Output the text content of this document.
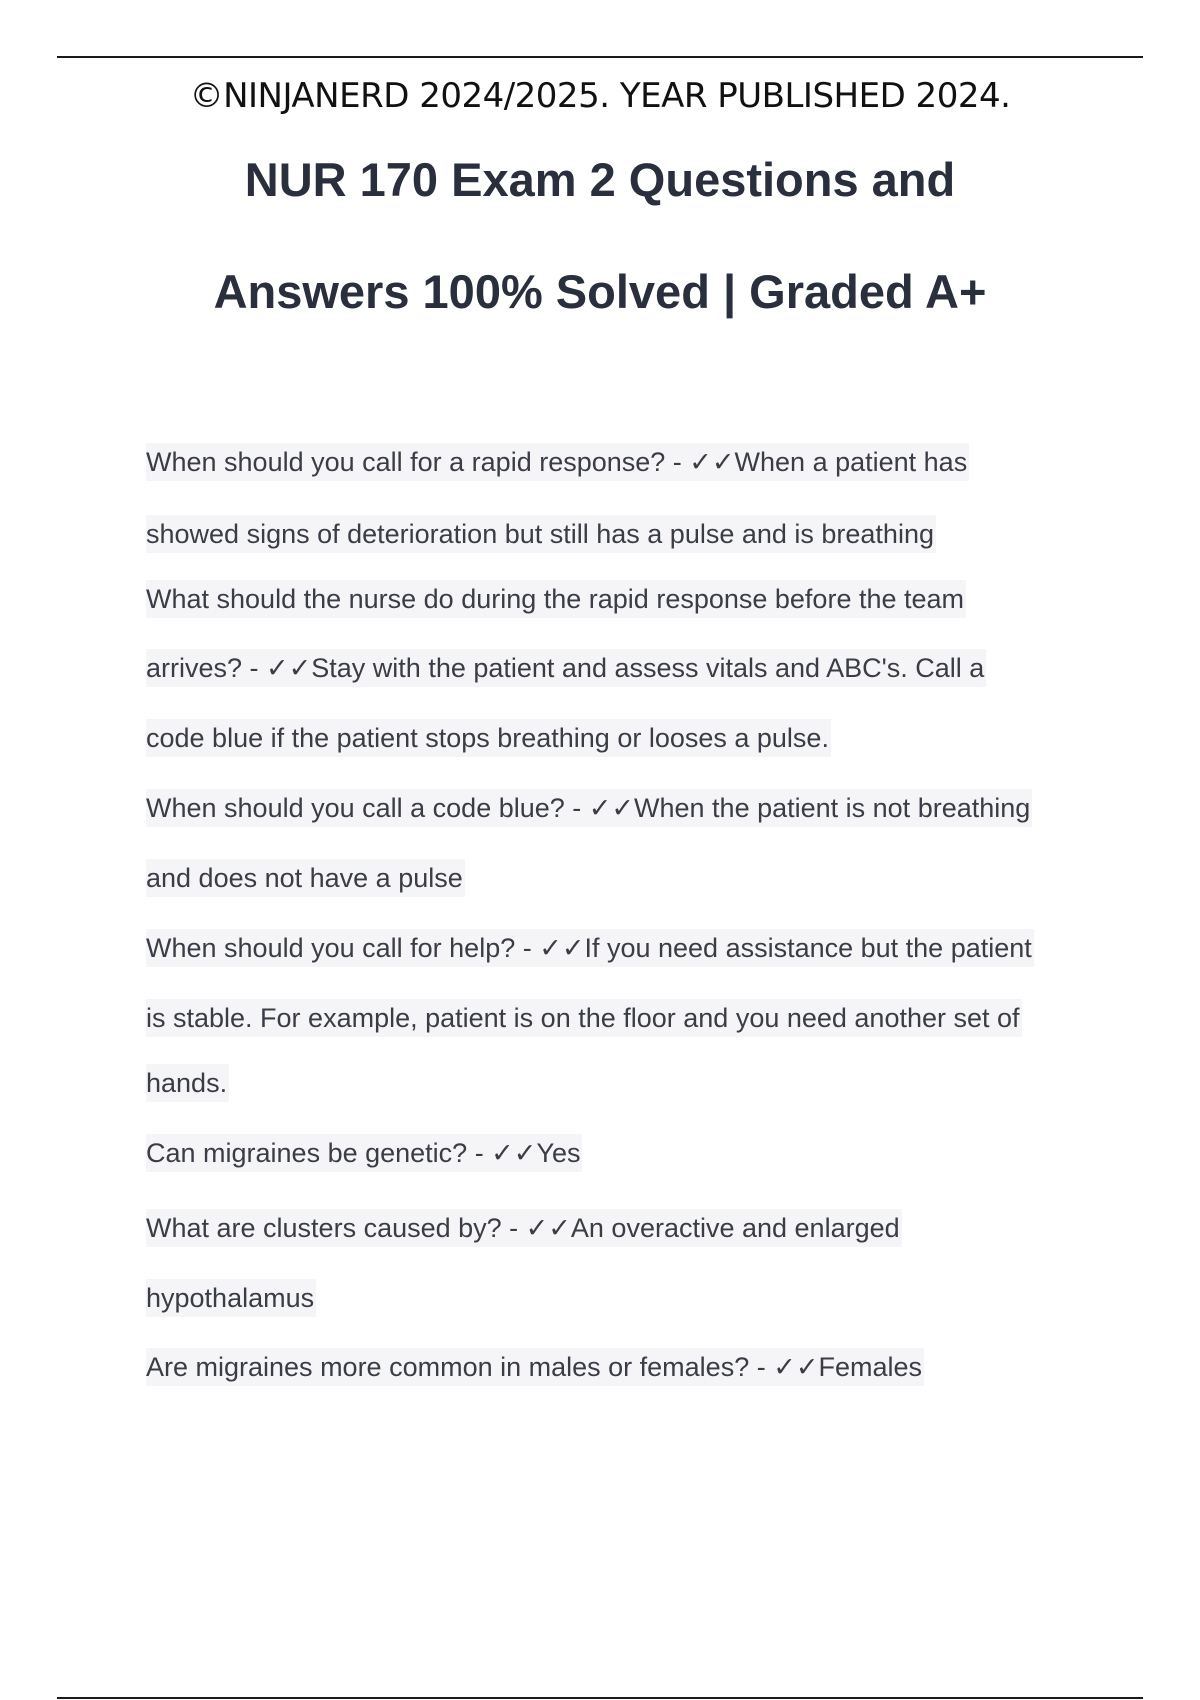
©NINJANERD 2024/2025. YEAR PUBLISHED 2024.
NUR 170 Exam 2 Questions and
Answers 100% Solved | Graded A+
When should you call for a rapid response? - ✓✓When a patient has
showed signs of deterioration but still has a pulse and is breathing
What should the nurse do during the rapid response before the team
arrives? - ✓✓Stay with the patient and assess vitals and ABC's. Call a
code blue if the patient stops breathing or looses a pulse.
When should you call a code blue? - ✓✓When the patient is not breathing
and does not have a pulse
When should you call for help? - ✓✓If you need assistance but the patient
is stable. For example, patient is on the floor and you need another set of
hands.
Can migraines be genetic? - ✓✓Yes
What are clusters caused by? - ✓✓An overactive and enlarged
hypothalamus
Are migraines more common in males or females? - ✓✓Females
